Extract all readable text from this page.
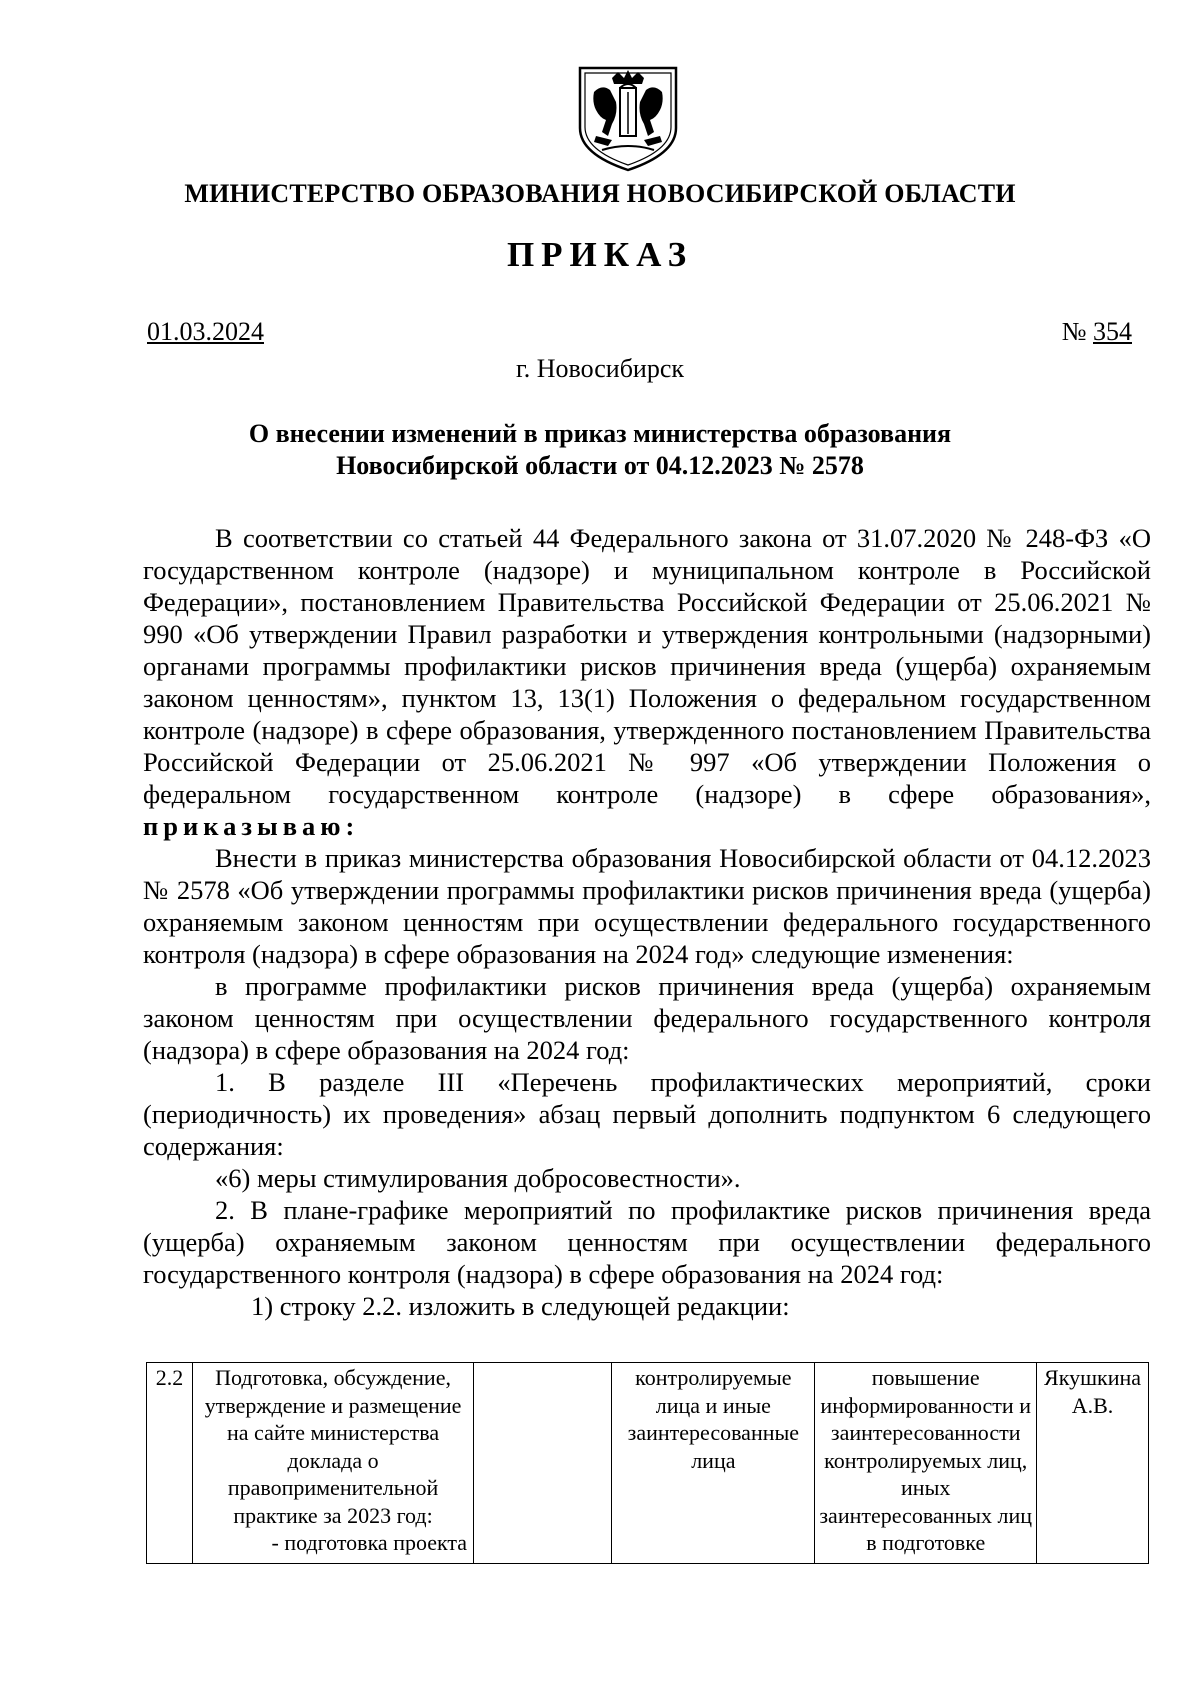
МИНИСТЕРСТВО ОБРАЗОВАНИЯ НОВОСИБИРСКОЙ ОБЛАСТИ

ПРИКАЗ

01.03.2024	№ 354
г. Новосибирск
О внесении изменений в приказ министерства образования
Новосибирской области от 04.12.2023 № 2578

В соответствии со статьей 44 Федерального закона от 31.07.2020 № 248-ФЗ «О государственном контроле (надзоре) и муниципальном контроле в Российской Федерации», постановлением Правительства Российской Федерации от 25.06.2021 № 990 «Об утверждении Правил разработки и утверждения контрольными (надзорными) органами программы профилактики рисков причинения вреда (ущерба) охраняемым законом ценностям», пунктом 13, 13(1) Положения о федеральном государственном контроле (надзоре) в сфере образования, утвержденного постановлением Правительства Российской Федерации от 25.06.2021 № 997 «Об утверждении Положения о федеральном государственном контроле (надзоре) в сфере образования», приказываю:

Внести в приказ министерства образования Новосибирской области от 04.12.2023 № 2578 «Об утверждении программы профилактики рисков причинения вреда (ущерба) охраняемым законом ценностям при осуществлении федерального государственного контроля (надзора) в сфере образования на 2024 год» следующие изменения:

в программе профилактики рисков причинения вреда (ущерба) охраняемым законом ценностям при осуществлении федерального государственного контроля (надзора) в сфере образования на 2024 год:

1. В разделе III «Перечень профилактических мероприятий, сроки (периодичность) их проведения» абзац первый дополнить подпунктом 6 следующего содержания:

«6) меры стимулирования добросовестности».

2. В плане-графике мероприятий по профилактике рисков причинения вреда (ущерба) охраняемым законом ценностям при осуществлении федерального государственного контроля (надзора) в сфере образования на 2024 год:

1) строку 2.2. изложить в следующей редакции:

2.2	Подготовка, обсуждение, утверждение и размещение на сайте министерства доклада о правоприменительной практике за 2023 год:
- подготовка проекта
		контролируемые лица и иные заинтересованные лица	повышение информированности и заинтересованности контролируемых лиц, иных заинтересованных лиц в подготовке	Якушкина А.В.
